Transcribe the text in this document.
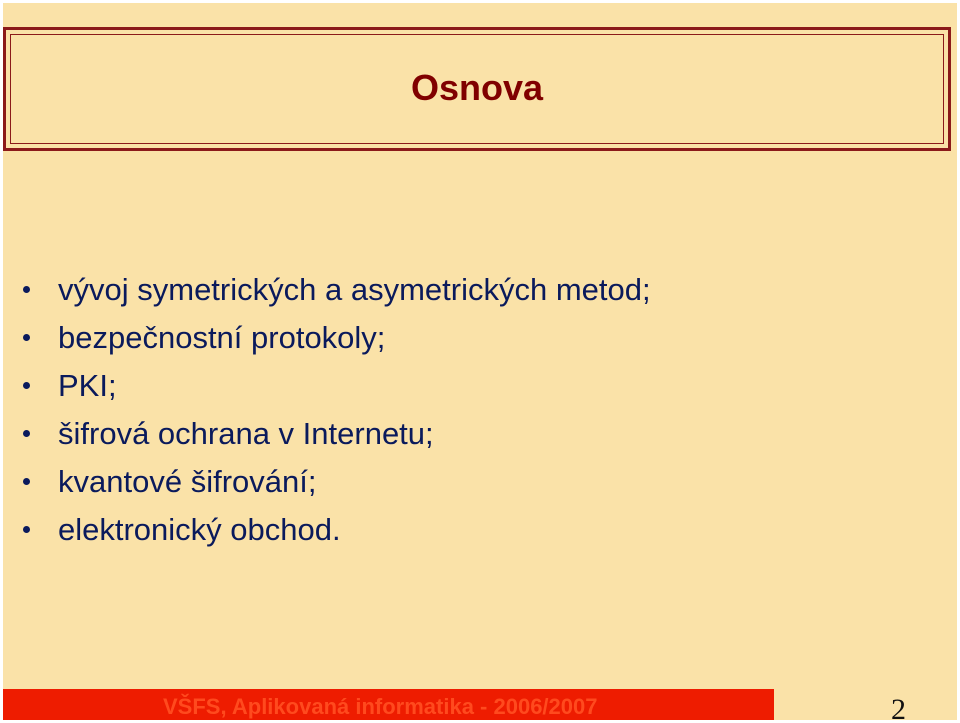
Osnova
vývoj symetrických a asymetrických metod;
bezpečnostní protokoly;
PKI;
šifrová ochrana v Internetu;
kvantové šifrování;
elektronický obchod.
VŠFS, Aplikovaná informatika - 2006/2007	2
